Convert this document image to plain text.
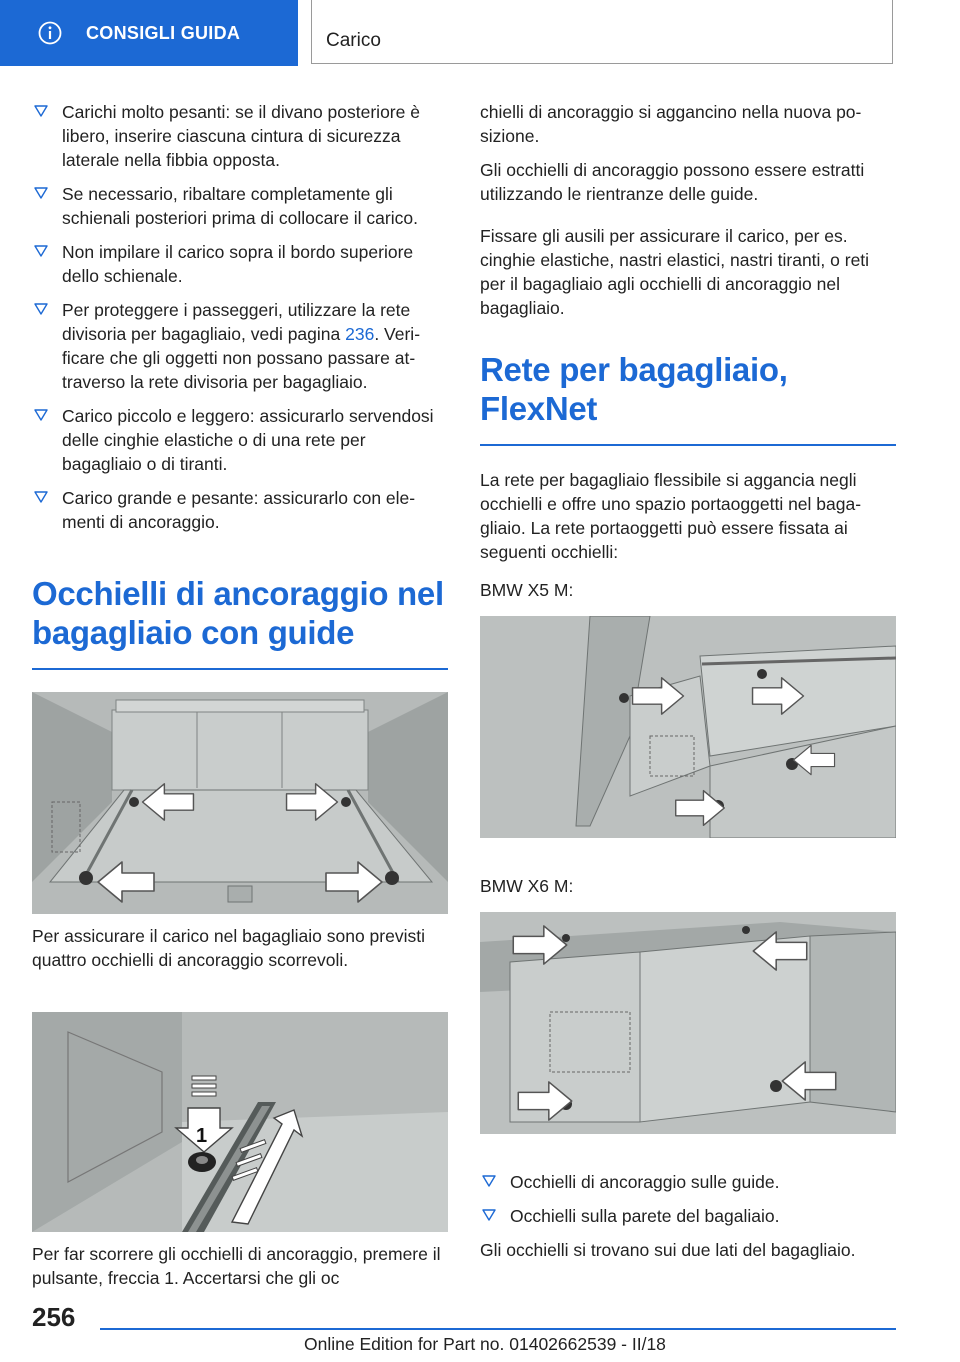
CONSIGLI GUIDA	Carico

Carichi molto pesanti: se il divano posteriore è libero, inserire ciascuna cintura di sicurezza laterale nella fibbia opposta.

Se necessario, ribaltare completamente gli schienali posteriori prima di collocare il carico.

Non impilare il carico sopra il bordo superiore dello schienale.

Per proteggere i passeggeri, utilizzare la rete divisoria per bagagliaio, vedi pagina 236. Verificare che gli oggetti non possano passare attraverso la rete divisoria per bagagliaio.

Carico piccolo e leggero: assicurarlo servendosi delle cinghie elastiche o di una rete per bagagliaio o di tiranti.

Carico grande e pesante: assicurarlo con elementi di ancoraggio.

Occhielli di ancoraggio nel bagagliaio con guide

Per assicurare il carico nel bagagliaio sono previsti quattro occhielli di ancoraggio scorrevoli.

1

Per far scorrere gli occhielli di ancoraggio, premere il pulsante, freccia 1. Accertarsi che gli oc

chielli di ancoraggio si aggancino nella nuova posizione.

Gli occhielli di ancoraggio possono essere estratti utilizzando le rientranze delle guide.

Fissare gli ausili per assicurare il carico, per es. cinghie elastiche, nastri elastici, nastri tiranti, o reti per il bagagliaio agli occhielli di ancoraggio nel bagagliaio.

Rete per bagagliaio, FlexNet

La rete per bagagliaio flessibile si aggancia negli occhielli e offre uno spazio portaoggetti nel bagagliaio. La rete portaoggetti può essere fissata ai seguenti occhielli:

BMW X5 M:

BMW X6 M:

Occhielli di ancoraggio sulle guide.

Occhielli sulla parete del bagaliaio.

Gli occhielli si trovano sui due lati del bagagliaio.

256
Online Edition for Part no. 01402662539 - II/18
